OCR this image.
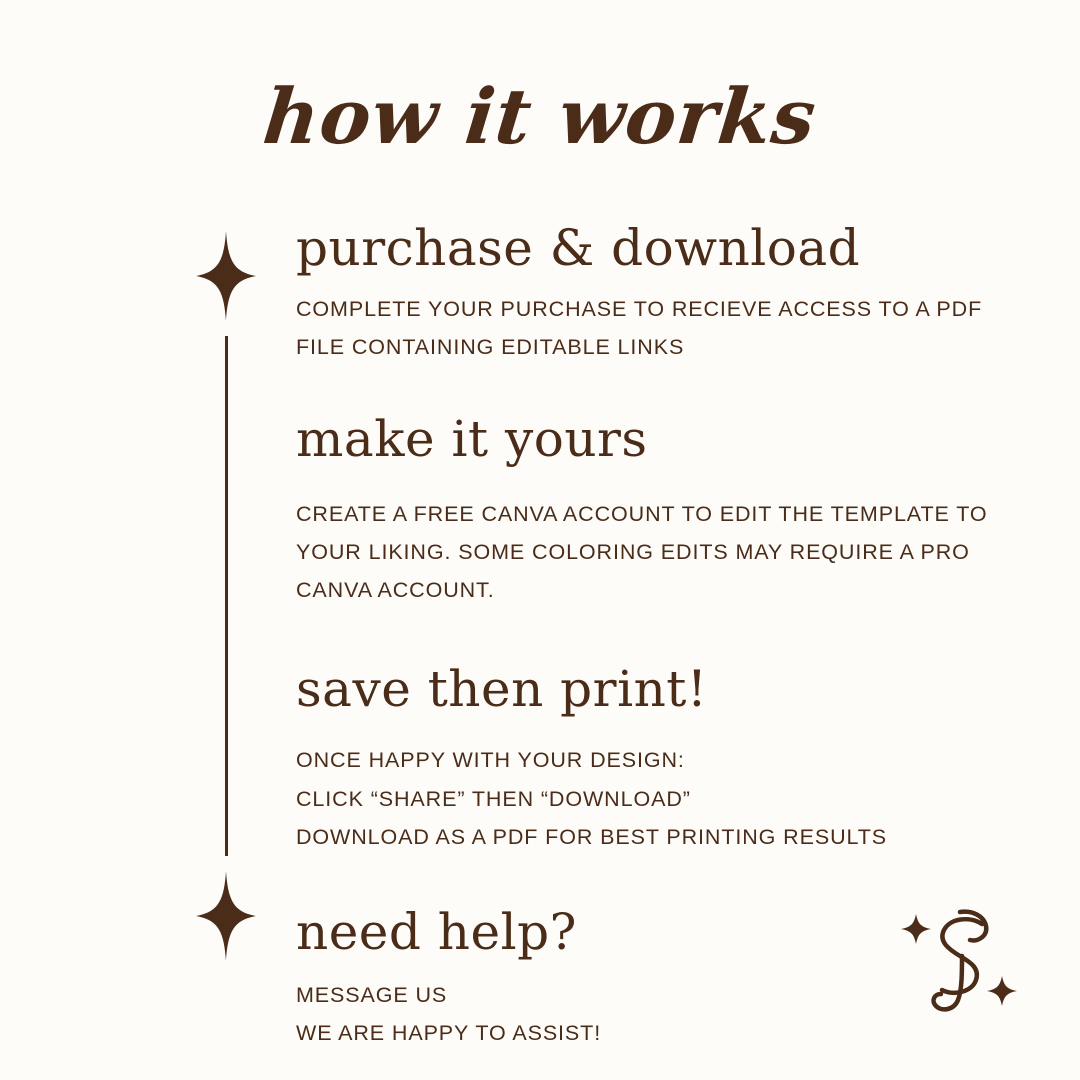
how it works
purchase & download

COMPLETE YOUR PURCHASE TO RECIEVE ACCESS TO A PDF
FILE CONTAINING EDITABLE LINKS

make it yours

CREATE A FREE CANVA ACCOUNT TO EDIT THE TEMPLATE TO
YOUR LIKING. SOME COLORING EDITS MAY REQUIRE A PRO
CANVA ACCOUNT.

save then print!

ONCE HAPPY WITH YOUR DESIGN:
CLICK “SHARE” THEN “DOWNLOAD”
DOWNLOAD AS A PDF FOR BEST PRINTING RESULTS

need help?

MESSAGE US
WE ARE HAPPY TO ASSIST!
